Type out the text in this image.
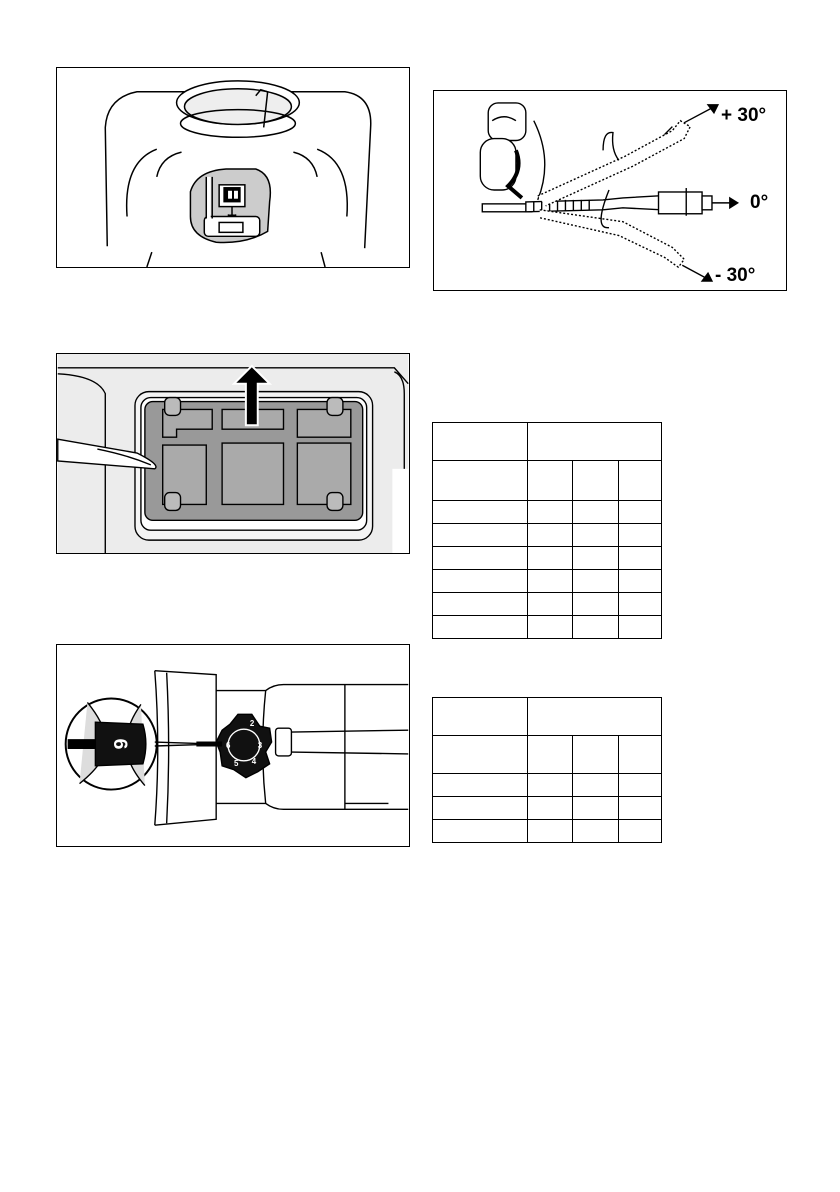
+ 30°
0°
- 30°
6	3
5
6
2
4
